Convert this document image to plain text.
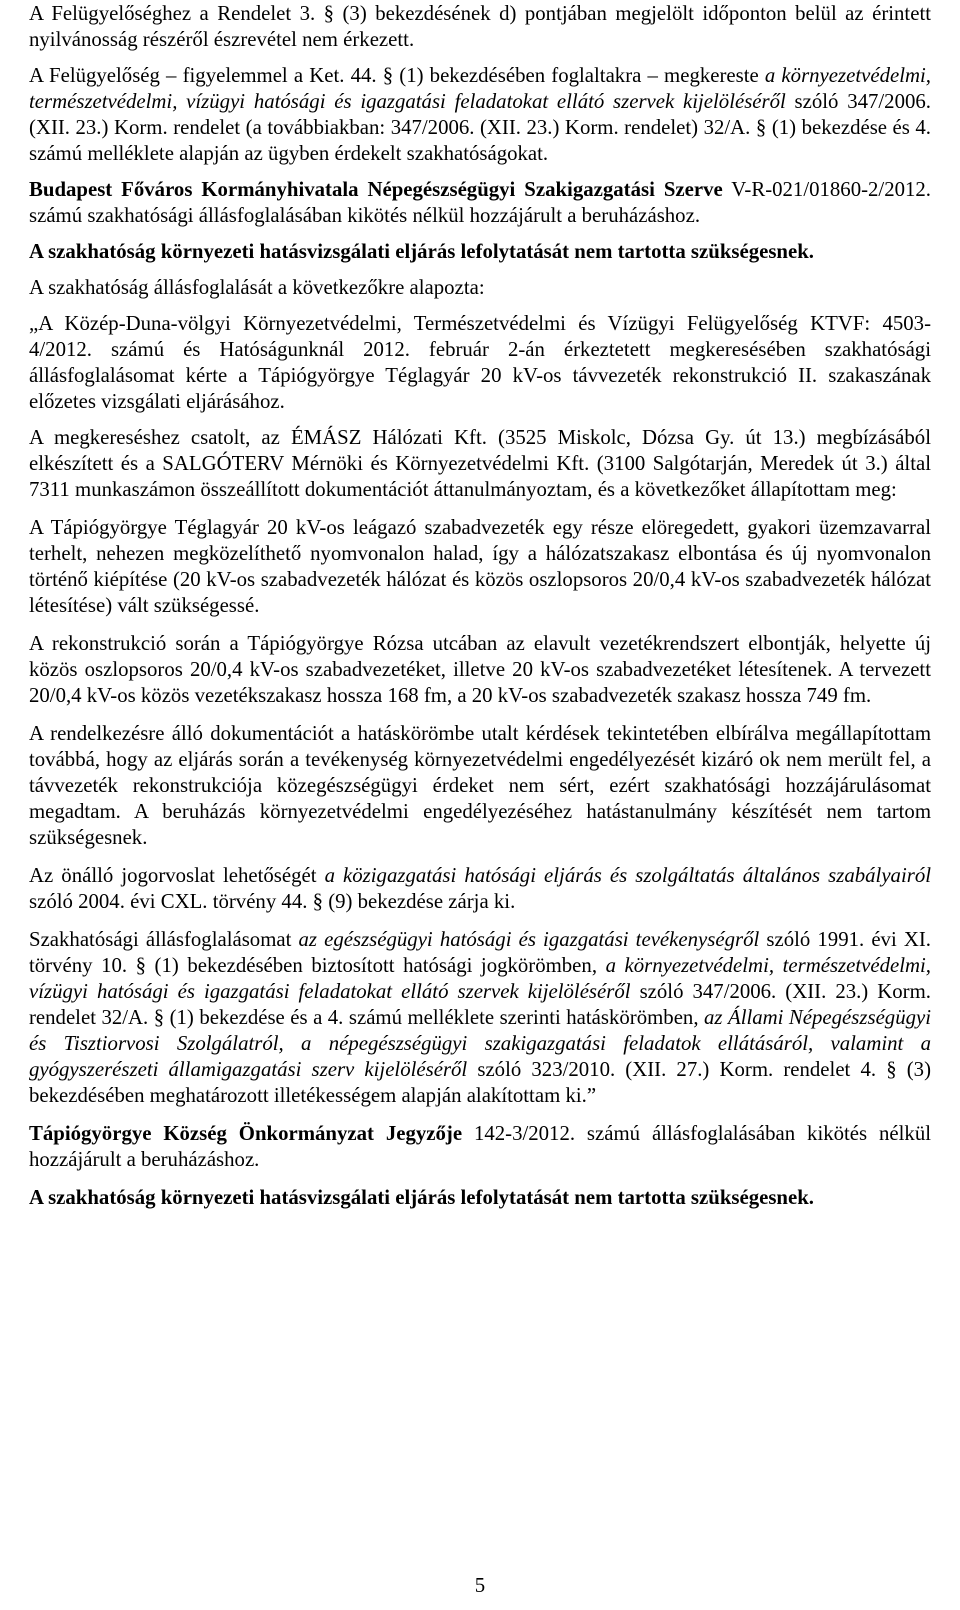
A Felügyelőséghez a Rendelet 3. § (3) bekezdésének d) pontjában megjelölt időponton belül az érintett nyilvánosság részéről észrevétel nem érkezett.

A Felügyelőség – figyelemmel a Ket. 44. § (1) bekezdésében foglaltakra – megkereste a környezetvédelmi, természetvédelmi, vízügyi hatósági és igazgatási feladatokat ellátó szervek kijelöléséről szóló 347/2006. (XII. 23.) Korm. rendelet (a továbbiakban: 347/2006. (XII. 23.) Korm. rendelet) 32/A. § (1) bekezdése és 4. számú melléklete alapján az ügyben érdekelt szakhatóságokat.

Budapest Főváros Kormányhivatala Népegészségügyi Szakigazgatási Szerve V-R-021/01860-2/2012. számú szakhatósági állásfoglalásában kikötés nélkül hozzájárult a beruházáshoz.

A szakhatóság környezeti hatásvizsgálati eljárás lefolytatását nem tartotta szükségesnek.

A szakhatóság állásfoglalását a következőkre alapozta:

„A Közép-Duna-völgyi Környezetvédelmi, Természetvédelmi és Vízügyi Felügyelőség KTVF: 4503-4/2012. számú és Hatóságunknál 2012. február 2-án érkeztetett megkeresésében szakhatósági állásfoglalásomat kérte a Tápiógyörgye Téglagyár 20 kV-os távvezeték rekonstrukció II. szakaszának előzetes vizsgálati eljárásához.

A megkereséshez csatolt, az ÉMÁSZ Hálózati Kft. (3525 Miskolc, Dózsa Gy. út 13.) megbízásából elkészített és a SALGÓTERV Mérnöki és Környezetvédelmi Kft. (3100 Salgótarján, Meredek út 3.) által 7311 munkaszámon összeállított dokumentációt áttanulmányoztam, és a következőket állapítottam meg:

A Tápiógyörgye Téglagyár 20 kV-os leágazó szabadvezeték egy része elöregedett, gyakori üzemzavarral terhelt, nehezen megközelíthető nyomvonalon halad, így a hálózatszakasz elbontása és új nyomvonalon történő kiépítése (20 kV-os szabadvezeték hálózat és közös oszlopsoros 20/0,4 kV-os szabadvezeték hálózat létesítése) vált szükségessé.

A rekonstrukció során a Tápiógyörgye Rózsa utcában az elavult vezetékrendszert elbontják, helyette új közös oszlopsoros 20/0,4 kV-os szabadvezetéket, illetve 20 kV-os szabadvezetéket létesítenek. A tervezett 20/0,4 kV-os közös vezetékszakasz hossza 168 fm, a 20 kV-os szabadvezeték szakasz hossza 749 fm.

A rendelkezésre álló dokumentációt a hatáskörömbe utalt kérdések tekintetében elbírálva megállapítottam továbbá, hogy az eljárás során a tevékenység környezetvédelmi engedélyezését kizáró ok nem merült fel, a távvezeték rekonstrukciója közegészségügyi érdeket nem sért, ezért szakhatósági hozzájárulásomat megadtam. A beruházás környezetvédelmi engedélyezéséhez hatástanulmány készítését nem tartom szükségesnek.

Az önálló jogorvoslat lehetőségét a közigazgatási hatósági eljárás és szolgáltatás általános szabályairól szóló 2004. évi CXL. törvény 44. § (9) bekezdése zárja ki.

Szakhatósági állásfoglalásomat az egészségügyi hatósági és igazgatási tevékenységről szóló 1991. évi XI. törvény 10. § (1) bekezdésében biztosított hatósági jogkörömben, a környezetvédelmi, természetvédelmi, vízügyi hatósági és igazgatási feladatokat ellátó szervek kijelöléséről szóló 347/2006. (XII. 23.) Korm. rendelet 32/A. § (1) bekezdése és a 4. számú melléklete szerinti hatáskörömben, az Állami Népegészségügyi és Tisztiorvosi Szolgálatról, a népegészségügyi szakigazgatási feladatok ellátásáról, valamint a gyógyszerészeti államigazgatási szerv kijelöléséről szóló 323/2010. (XII. 27.) Korm. rendelet 4. § (3) bekezdésében meghatározott illetékességem alapján alakítottam ki.”

Tápiógyörgye Község Önkormányzat Jegyzője 142-3/2012. számú állásfoglalásában kikötés nélkül hozzájárult a beruházáshoz.

A szakhatóság környezeti hatásvizsgálati eljárás lefolytatását nem tartotta szükségesnek.

5
